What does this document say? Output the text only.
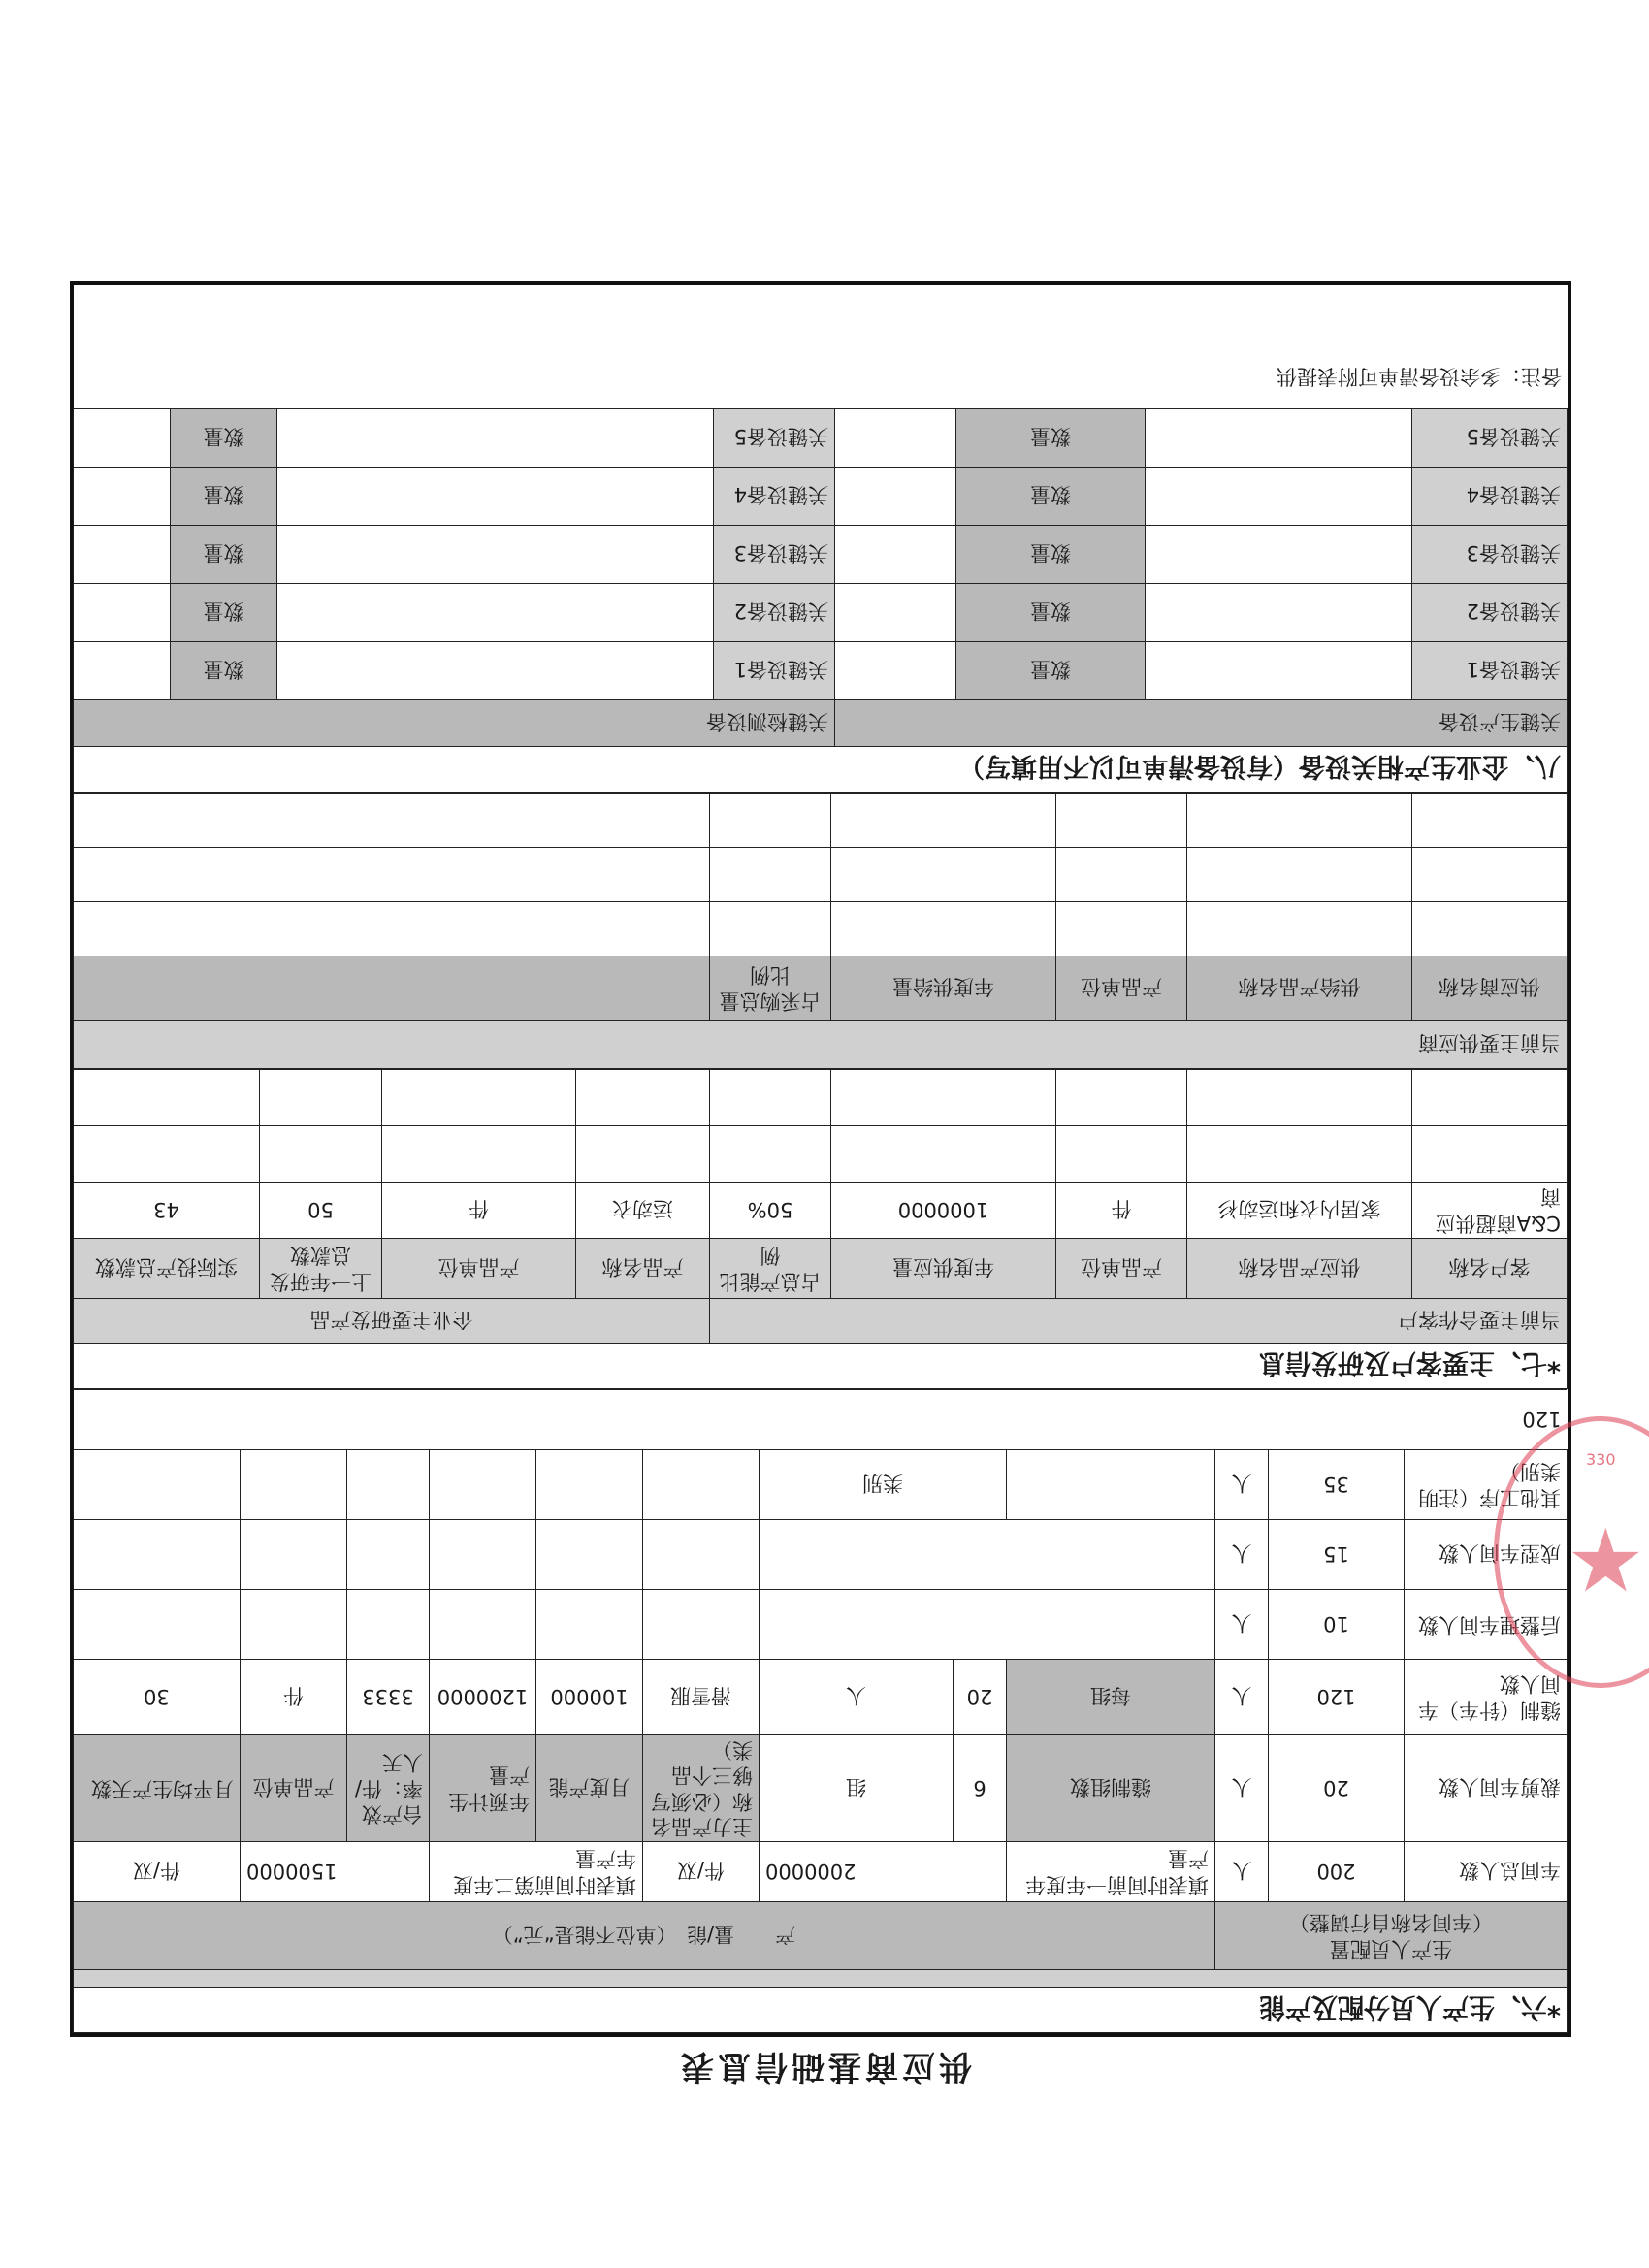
供应商基础信息表
*六、生产人员分配及产能											

生产人员配置
（车间名称自行调整）			产　　量/能　（单位不能是“元”）								
车间总人数	200	人	填表时间前一年度年产量	2000000		件/双	填表时间前第二年度年产量		1500000		件/双
裁剪车间人数	20	人	缝制组数	6	组	主力产品名称（必须写够三个品类）	月度产能	年预计生产量	台产效率：件/人天	产品单位	月平均生产天数
缝制（针车）车间人数	120	人	每组	20	人	滑雪服	100000	1200000	3333	件	30
后整理车间人数	10	人									
成型车间人数	15	人									
其他工序（注明类别）	35	人		类别							
120											
*七、主要客户及研发信息								
当前主要合作客户					企业主要研发产品			
客户名称	供应产品名称	产品单位	年度供应量	占总产能比例	产品名称	产品单位	上一年研发总款数	实际投产总款数
C&A商超供应商	家居内衣和运动衫	件	1000000	50%	运动衣	件	50	43

当前主要供应商					
供应商名称	供给产品名称	产品单位	年度供给量	占采购总量比例	

八、企业生产相关设备（有设备清单可以不用填写）							
关键生产设备				关键检测设备			
关键设备1		数量		关键设备1		数量	
关键设备2		数量		关键设备2		数量	
关键设备3		数量		关键设备3		数量	
关键设备4		数量		关键设备4		数量	
关键设备5		数量		关键设备5		数量	
备注：多余设备清单可附表提供
330
★
